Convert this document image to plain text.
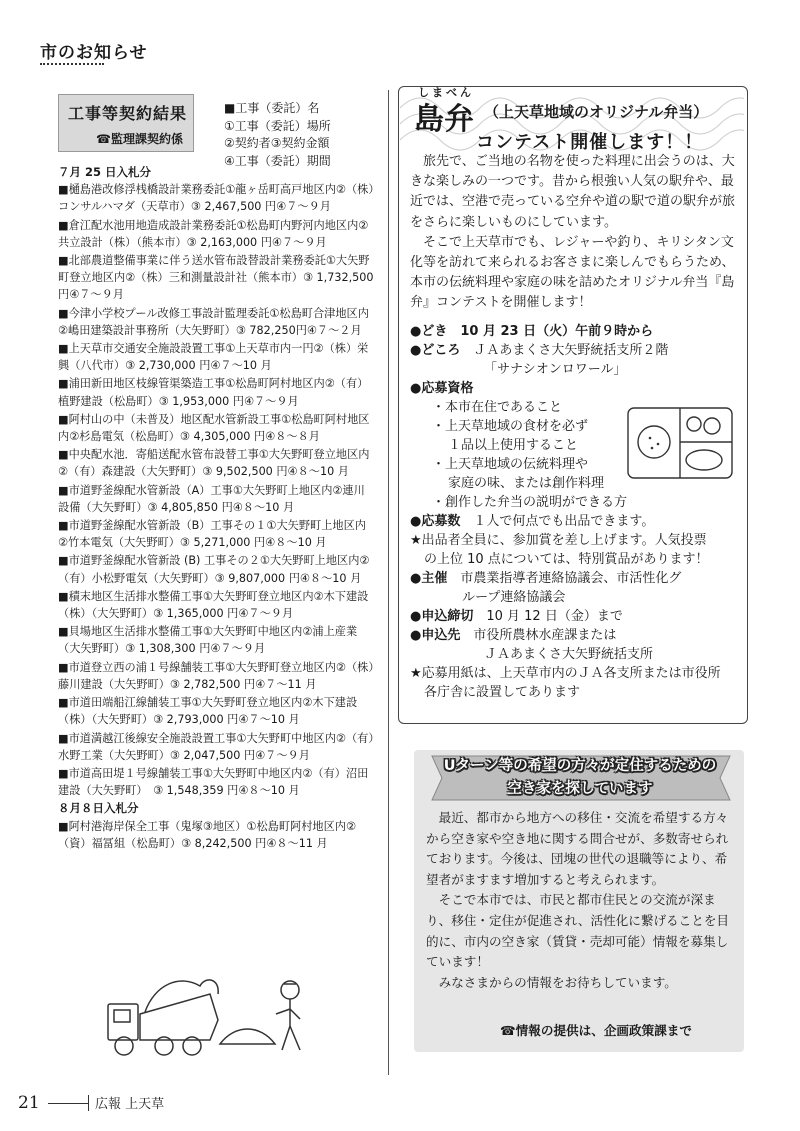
市のお知らせ
工事等契約結果
☎監理課契約係
■工事（委託）名
①工事（委託）場所
②契約者③契約金額
④工事（委託）期間
７月 25 日入札分
■樋島港改修浮桟橋設計業務委託①龍ヶ岳町高戸地区内②（株）コンサルハマダ（天草市）③ 2,467,500 円④７～９月
■倉江配水池用地造成設計業務委託①松島町内野河内地区内②共立設計（株）（熊本市）③ 2,163,000 円④７～９月
■北部農道整備事業に伴う送水管布設替設計業務委託①大矢野町登立地区内②（株）三和測量設計社（熊本市）③ 1,732,500 円④７～９月
■今津小学校プール改修工事設計監理委託①松島町合津地区内②嶋田建築設計事務所（大矢野町）③ 782,250円④７～２月
■上天草市交通安全施設設置工事①上天草市内一円②（株）栄興（八代市）③ 2,730,000 円④７～10 月
■浦田新田地区枝線管渠築造工事①松島町阿村地区内②（有）植野建設（松島町）③ 1,953,000 円④７～９月
■阿村山の中（未普及）地区配水管新設工事①松島町阿村地区内②杉島電気（松島町）③ 4,305,000 円④８～８月
■中央配水池．寄船送配水管布設替工事①大矢野町登立地区内②（有）森建設（大矢野町）③ 9,502,500 円④８～10 月
■市道野釜線配水管新設（A）工事①大矢野町上地区内②連川設備（大矢野町）③ 4,805,850 円④８～10 月
■市道野釜線配水管新設（B）工事その１①大矢野町上地区内②竹本電気（大矢野町）③ 5,271,000 円④８～10 月
■市道野釜線配水管新設 (B) 工事その２①大矢野町上地区内②（有）小松野電気（大矢野町）③ 9,807,000 円④８～10 月
■積末地区生活排水整備工事①大矢野町登立地区内②木下建設（株）（大矢野町）③ 1,365,000 円④７～９月
■貝場地区生活排水整備工事①大矢野町中地区内②浦上産業（大矢野町）③ 1,308,300 円④７～９月
■市道登立西の浦１号線舗装工事①大矢野町登立地区内②（株）藤川建設（大矢野町）③ 2,782,500 円④７～11 月
■市道田端船江線舗装工事①大矢野町登立地区内②木下建設（株）（大矢野町）③ 2,793,000 円④７～10 月
■市道満越江後線安全施設設置工事①大矢野町中地区内②（有）水野工業（大矢野町）③ 2,047,500 円④７～９月
■市道高田堤１号線舗装工事①大矢野町中地区内②（有）沼田建設（大矢野町）　③ 1,548,359 円④８～10 月
８月８日入札分
■阿村港海岸保全工事（鬼塚③地区）①松島町阿村地区内②（資）福冨組（松島町）③ 8,242,500 円④８～11 月
しまべん
島弁 （上天草地域のオリジナル弁当）
コンテスト開催します！！

旅先で、ご当地の名物を使った料理に出会うのは、大きな楽しみの一つです。昔から根強い人気の駅弁や、最近では、空港で売っている空弁や道の駅で道の駅弁が旅をさらに楽しいものにしています。

そこで上天草市でも、レジャーや釣り、キリシタン文化等を訪れて来られるお客さまに楽しんでもらうため、本市の伝統料理や家庭の味を詰めたオリジナル弁当『島弁』コンテストを開催します！

●どき　 10 月 23 日（火）午前９時から
●どころ　 ＪＡあまくさ大矢野統括支所２階
「サナシオンロワール」
●応募資格
・本市在住であること
・上天草地域の食材を必ず
１品以上使用すること
・上天草地域の伝統料理や
家庭の味、または創作料理
・創作した弁当の説明ができる方
●応募数　 １人で何点でも出品できます。
★出品者全員に、参加賞を差し上げます。人気投票
の上位 10 点については、特別賞品があります！
●主催　 市農業指導者連絡協議会、市活性化グ
ループ連絡協議会
●申込締切　 10 月 12 日（金）まで
●申込先　 市役所農林水産課または
ＪＡあまくさ大矢野統括支所
★応募用紙は、上天草市内のＪＡ各支所または市役所
各庁舎に設置してあります
Uターン等の希望の方々が定住するための
空き家を探しています

最近、都市から地方への移住・交流を希望する方々から空き家や空き地に関する問合せが、多数寄せられております。今後は、団塊の世代の退職等により、希望者がますます増加すると考えられます。

そこで本市では、市民と都市住民との交流が深まり、移住・定住が促進され、活性化に繋げることを目的に、市内の空き家（賃貸・売却可能）情報を募集しています！

みなさまからの情報をお待ちしています。

☎情報の提供は、企画政策課まで
21	広報 上天草
